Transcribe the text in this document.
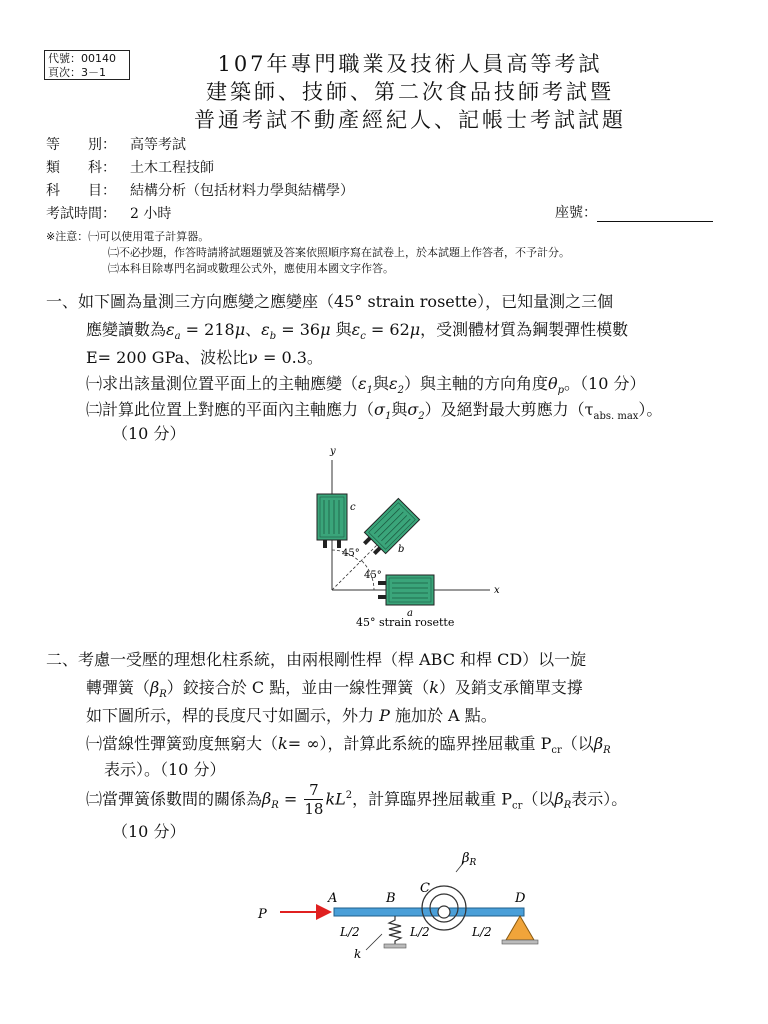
代號：00140
頁次：3－1	107年專門職業及技術人員高等考試
建築師、技師、第二次食品技師考試暨
普通考試不動產經紀人、記帳士考試試題
等　　別： 高等考試
類　　科： 土木工程技師
科　　目： 結構分析（包括材料力學與結構學）
考試時間： 2 小時	座號：
※注意：㈠可以使用電子計算器。
㈡不必抄題，作答時請將試題題號及答案依照順序寫在試卷上，於本試題上作答者，不予計分。
㈢本科目除專門名詞或數理公式外，應使用本國文字作答。
一、如下圖為量測三方向應變之應變座（45° strain rosette），已知量測之三個
應變讀數為$\varepsilon_a = 218\mu$、$\varepsilon_b = 36\mu$ 與$\varepsilon_c = 62\mu$，受測體材質為鋼製彈性模數
E= 200 GPa、波松比ν = 0.3。
㈠求出該量測位置平面上的主軸應變（$\varepsilon_1$與$\varepsilon_2$）與主軸的方向角度$\theta_p$。（10 分）
㈡計算此位置上對應的平面內主軸應力（$\sigma_1$與$\sigma_2$）及絕對最大剪應力$(\tau_{abs. max})$。
（10 分）
y
x
c
b
a
45°
45°
45° strain rosette
二、考慮一受壓的理想化柱系統，由兩根剛性桿（桿 ABC 和桿 CD）以一旋
轉彈簧$(\beta_R)$鉸接合於 C 點，並由一線性彈簧（k）及銷支承簡單支撐
如下圖所示，桿的長度尺寸如圖示，外力 P 施加於 A 點。
㈠當線性彈簧勁度無窮大（k= ∞），計算此系統的臨界挫屈載重 $P_{cr}$（以$\beta_R$
表示）。（10 分）
㈡當彈簧係數間的關係為$\beta_R = \frac{7}{18} kL^2$，計算臨界挫屈載重 $P_{cr}$（以$\beta_R$表示）。
（10 分）
P
A	B
C
D
$\beta_R$
k
L/2	L/2	L/2
